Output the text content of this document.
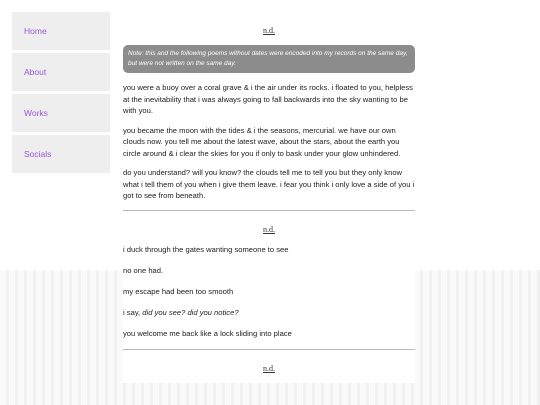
Home
About
Works
Socials
n.d.
Note: this and the following poems without dates were encoded into my records on the same day, but were not written on the same day.

you were a buoy over a coral grave & i the air under its rocks. i floated to you, helpless at the inevitability that i was always going to fall backwards into the sky wanting to be with you.

you became the moon with the tides & i the seasons, mercurial. we have our own clouds now. you tell me about the latest wave, about the stars, about the earth you circle around & i clear the skies for you if only to bask under your glow unhindered.

do you understand? will you know? the clouds tell me to tell you but they only know what i tell them of you when i give them leave. i fear you think i only love a side of you i got to see from beneath.

n.d.

i duck through the gates wanting someone to see

no one had.

my escape had been too smooth

i say, did you see? did you notice?

you welcome me back like a lock sliding into place

n.d.
